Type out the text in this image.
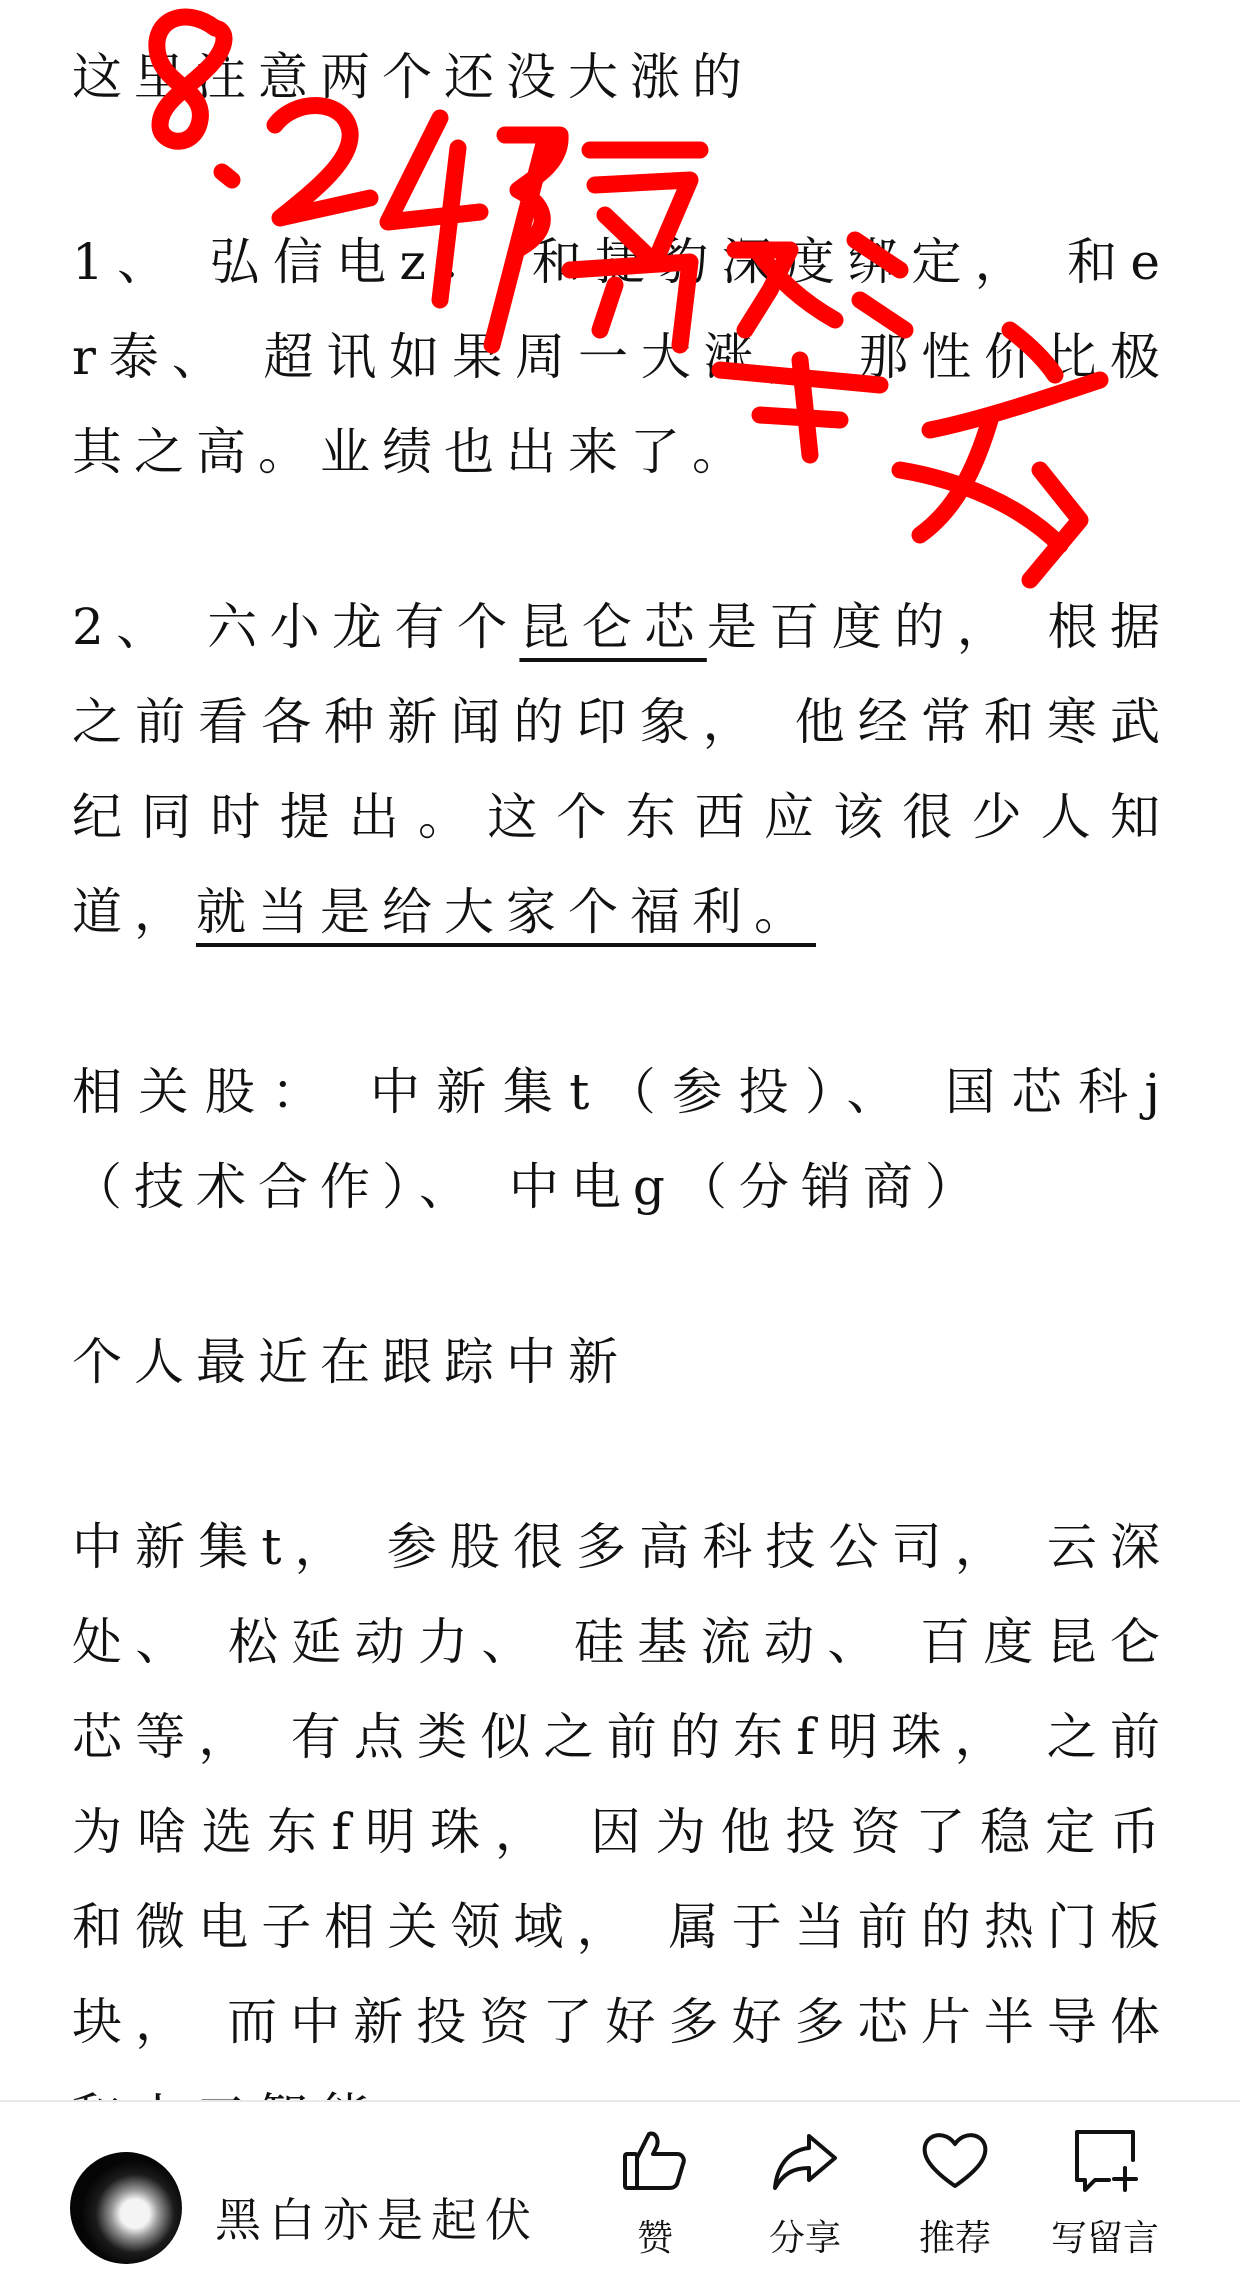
这里注意两个还没大涨的

1、 弘信电z： 和捷豹深度绑定， 和er泰、 超讯如果周一大涨， 那性价比极其之高。业绩也出来了。

2、 六小龙有个昆仑芯是百度的， 根据之前看各种新闻的印象， 他经常和寒武纪同时提出。这个东西应该很少人知道，就当是给大家个福利。

相关股： 中新集t（参投）、 国芯科j（技术合作）、 中电g（分销商）

个人最近在跟踪中新

中新集t， 参股很多高科技公司， 云深处、 松延动力、 硅基流动、 百度昆仑芯等， 有点类似之前的东f明珠， 之前为啥选东f明珠， 因为他投资了稳定币和微电子相关领域， 属于当前的热门板块， 而中新投资了好多好多芯片半导体

黑白亦是起伏	赞	分享	推荐	写留言
